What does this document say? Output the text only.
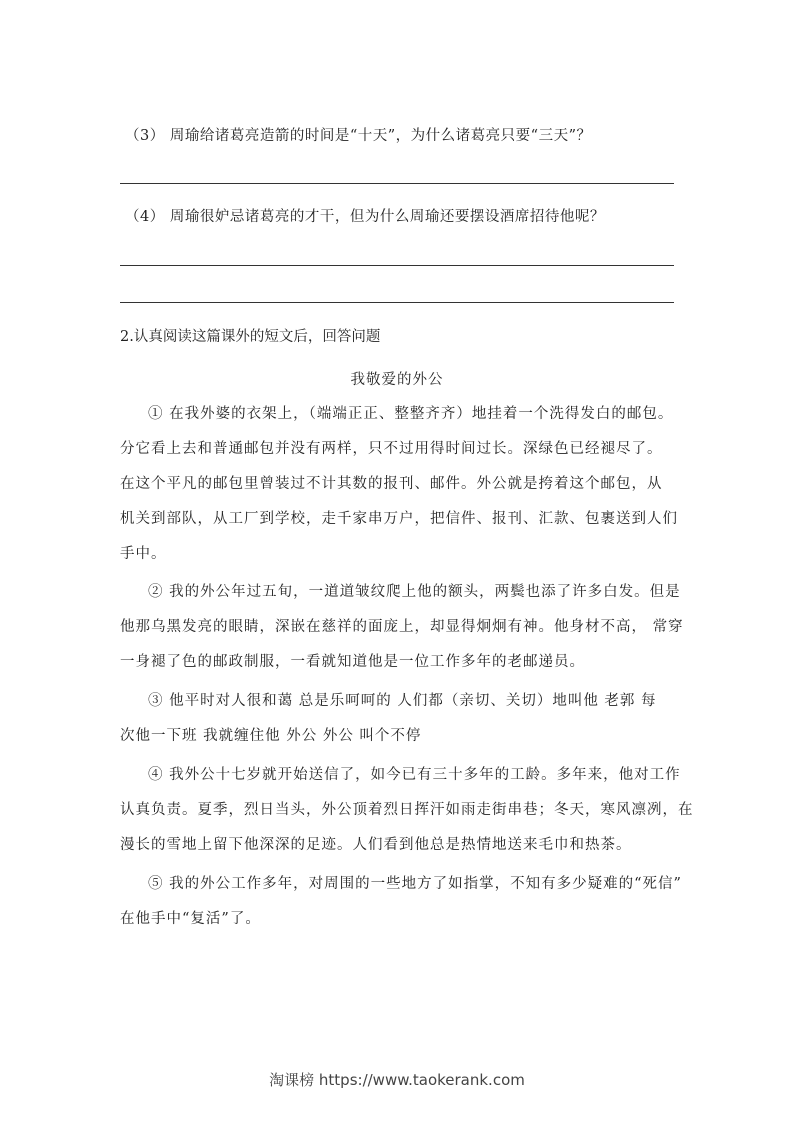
（3） 周瑜给诸葛亮造箭的时间是“十天”，为什么诸葛亮只要“三天”？
（4） 周瑜很妒忌诸葛亮的才干，但为什么周瑜还要摆设酒席招待他呢？
2.认真阅读这篇课外的短文后，回答问题
我敬爱的外公
① 在我外婆的衣架上，（端端正正、整整齐齐）地挂着一个洗得发白的邮包。
分它看上去和普通邮包并没有两样，只不过用得时间过长。深绿色已经褪尽了。
在这个平凡的邮包里曾装过不计其数的报刊、邮件。外公就是挎着这个邮包，从
机关到部队，从工厂到学校，走千家串万户，把信件、报刊、汇款、包裹送到人们
手中。
② 我的外公年过五旬，一道道皱纹爬上他的额头，两鬓也添了许多白发。但是
他那乌黑发亮的眼睛，深嵌在慈祥的面庞上，却显得炯炯有神。他身材不高， 常穿
一身褪了色的邮政制服，一看就知道他是一位工作多年的老邮递员。
③ 他平时对人很和蔼 总是乐呵呵的 人们都（亲切、关切）地叫他 老郭 每
次他一下班 我就缠住他 外公 外公 叫个不停
④ 我外公十七岁就开始送信了，如今已有三十多年的工龄。多年来，他对工作
认真负责。夏季，烈日当头，外公顶着烈日挥汗如雨走街串巷；冬天，寒风凛冽，在
漫长的雪地上留下他深深的足迹。人们看到他总是热情地送来毛巾和热茶。
⑤ 我的外公工作多年，对周围的一些地方了如指掌，不知有多少疑难的“死信”
在他手中“复活”了。
淘课榜 https://www.taokerank.com
